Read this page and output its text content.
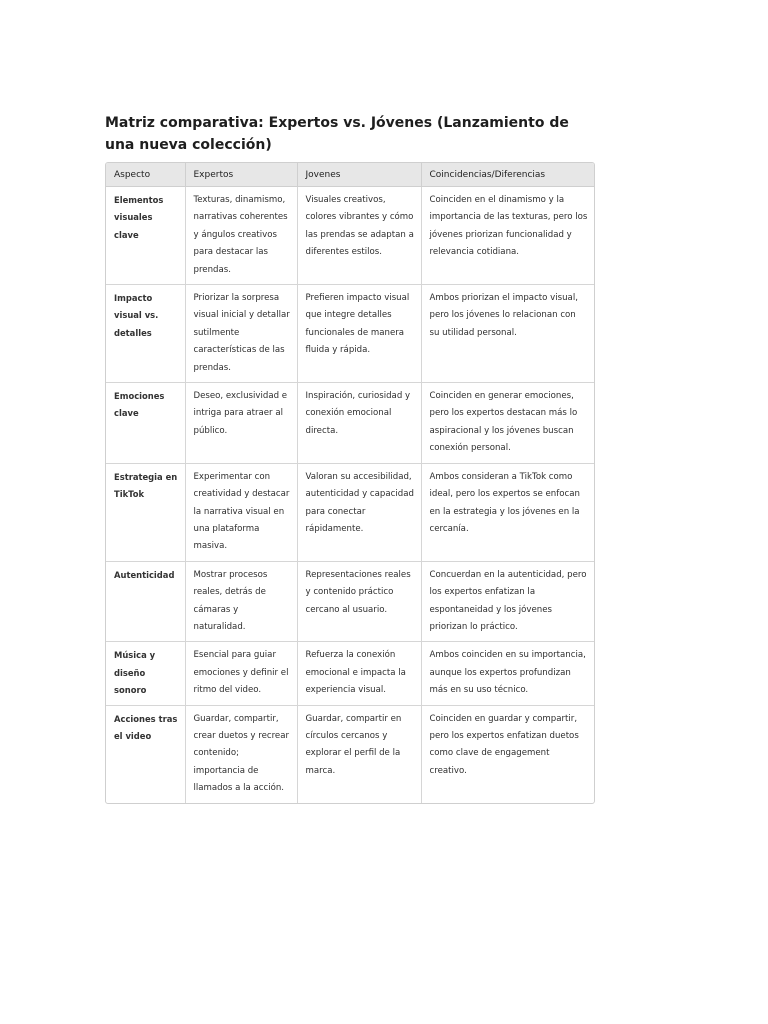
Matriz comparativa: Expertos vs. Jóvenes (Lanzamiento de una nueva colección)
Aspecto	Expertos	Jovenes	Coincidencias/Diferencias
Elementos visuales clave	Texturas, dinamismo, narrativas coherentes y ángulos creativos para destacar las prendas.	Visuales creativos, colores vibrantes y cómo las prendas se adaptan a diferentes estilos.	Coinciden en el dinamismo y la importancia de las texturas, pero los jóvenes priorizan funcionalidad y relevancia cotidiana.
Impacto visual vs. detalles	Priorizar la sorpresa visual inicial y detallar sutilmente características de las prendas.	Prefieren impacto visual que integre detalles funcionales de manera fluida y rápida.	Ambos priorizan el impacto visual, pero los jóvenes lo relacionan con su utilidad personal.
Emociones clave	Deseo, exclusividad e intriga para atraer al público.	Inspiración, curiosidad y conexión emocional directa.	Coinciden en generar emociones, pero los expertos destacan más lo aspiracional y los jóvenes buscan conexión personal.
Estrategia en TikTok	Experimentar con creatividad y destacar la narrativa visual en una plataforma masiva.	Valoran su accesibilidad, autenticidad y capacidad para conectar rápidamente.	Ambos consideran a TikTok como ideal, pero los expertos se enfocan en la estrategia y los jóvenes en la cercanía.
Autenticidad	Mostrar procesos reales, detrás de cámaras y naturalidad.	Representaciones reales y contenido práctico cercano al usuario.	Concuerdan en la autenticidad, pero los expertos enfatizan la espontaneidad y los jóvenes priorizan lo práctico.
Música y diseño sonoro	Esencial para guiar emociones y definir el ritmo del video.	Refuerza la conexión emocional e impacta la experiencia visual.	Ambos coinciden en su importancia, aunque los expertos profundizan más en su uso técnico.
Acciones tras el video	Guardar, compartir, crear duetos y recrear contenido; importancia de llamados a la acción.	Guardar, compartir en círculos cercanos y explorar el perfil de la marca.	Coinciden en guardar y compartir, pero los expertos enfatizan duetos como clave de engagement creativo.
